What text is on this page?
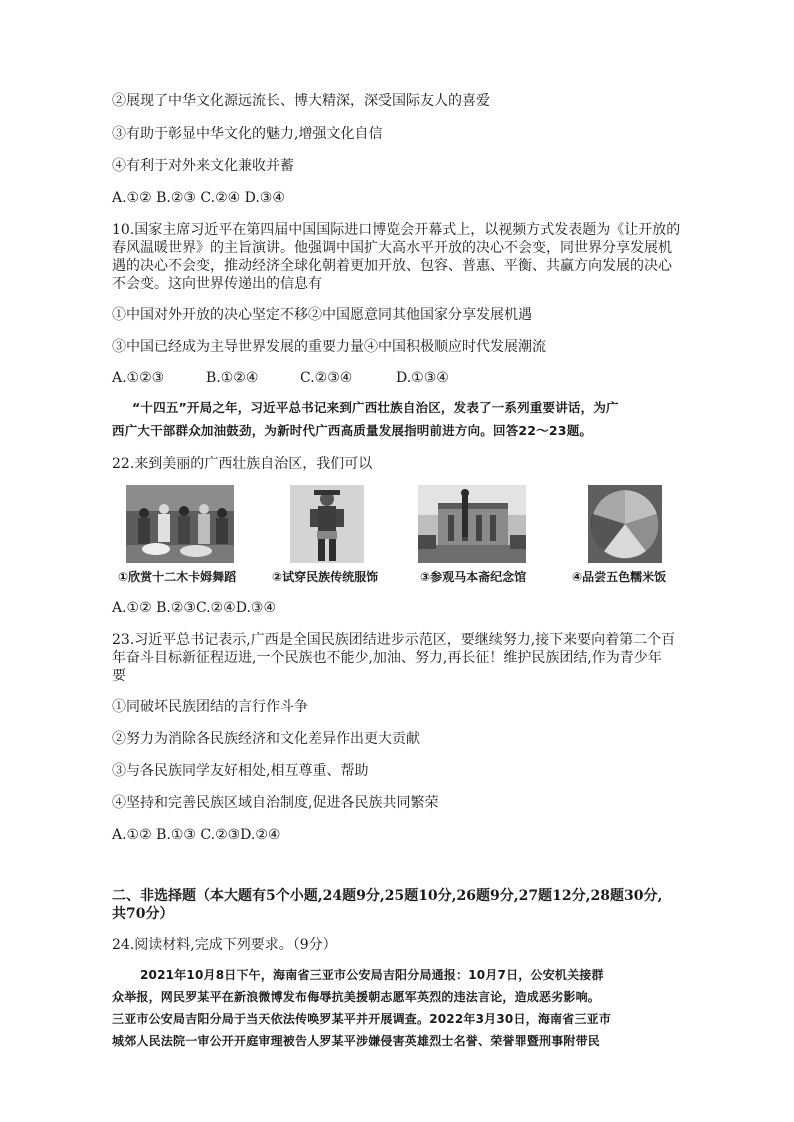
②展现了中华文化源远流长、博大精深，深受国际友人的喜爱
③有助于彰显中华文化的魅力,增强文化自信
④有利于对外来文化兼收并蓄
A.①② B.②③ C.②④ D.③④
10.国家主席习近平在第四届中国国际进口博览会开幕式上，以视频方式发表题为《让开放的
春风温暖世界》的主旨演讲。他强调中国扩大高水平开放的决心不会变，同世界分享发展机
遇的决心不会变，推动经济全球化朝着更加开放、包容、普惠、平衡、共赢方向发展的决心
不会变。这向世界传递出的信息有
①中国对外开放的决心坚定不移②中国愿意同其他国家分享发展机遇
③中国已经成为主导世界发展的重要力量④中国积极顺应时代发展潮流
A.①②③	B.①②④	C.②③④	D.①③④
“十四五”开局之年，习近平总书记来到广西壮族自治区，发表了一系列重要讲话，为广
西广大干部群众加油鼓劲，为新时代广西高质量发展指明前进方向。回答22～23题。
22.来到美丽的广西壮族自治区，我们可以
①欣赏十二木卡姆舞蹈	②试穿民族传统服饰	③参观马本斋纪念馆	④品尝五色糯米饭
A.①② B.②③C.②④D.③④
23.习近平总书记表示,广西是全国民族团结进步示范区，要继续努力,接下来要向着第二个百
年奋斗目标新征程迈进,一个民族也不能少,加油、努力,再长征！维护民族团结,作为青少年
要
①同破坏民族团结的言行作斗争
②努力为消除各民族经济和文化差异作出更大贡献
③与各民族同学友好相处,相互尊重、帮助
④坚持和完善民族区域自治制度,促进各民族共同繁荣
A.①② B.①③ C.②③D.②④
二、非选择题（本大题有5个小题,24题9分,25题10分,26题9分,27题12分,28题30分,
共70分）
24.阅读材料,完成下列要求。（9分）
2021年10月8日下午，海南省三亚市公安局吉阳分局通报：10月7日，公安机关接群
众举报，网民罗某平在新浪微博发布侮辱抗美援朝志愿军英烈的违法言论，造成恶劣影响。
三亚市公安局吉阳分局于当天依法传唤罗某平并开展调查。2022年3月30日，海南省三亚市
城郊人民法院一审公开开庭审理被告人罗某平涉嫌侵害英雄烈士名誉、荣誉罪暨刑事附带民
